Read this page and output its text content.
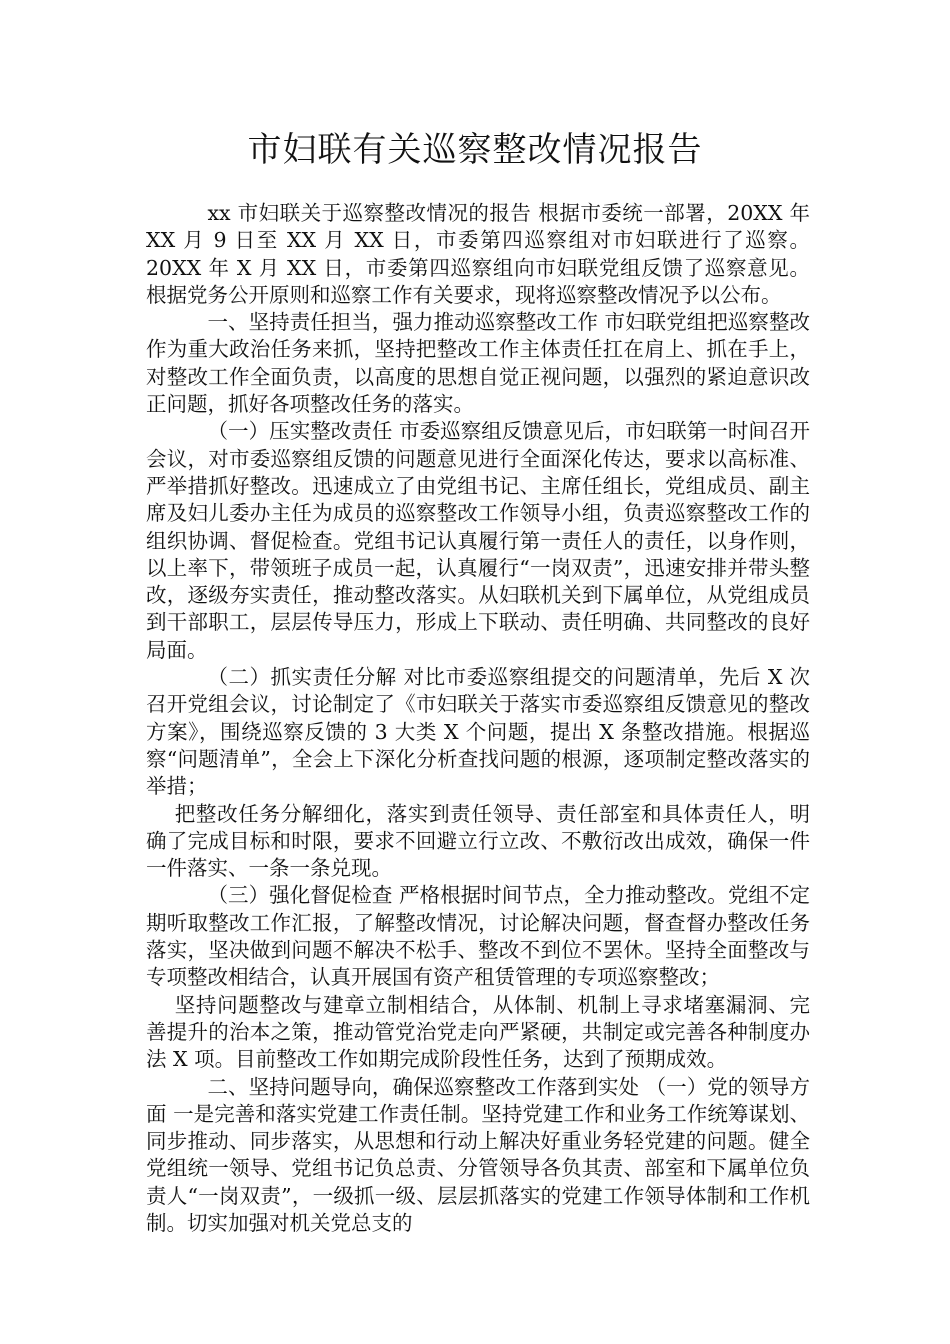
市妇联有关巡察整改情况报告

xx 市妇联关于巡察整改情况的报告 根据市委统一部署，20XX 年 XX 月 9 日至 XX 月 XX 日，市委第四巡察组对市妇联进行了巡察。20XX 年 X 月 XX 日，市委第四巡察组向市妇联党组反馈了巡察意见。根据党务公开原则和巡察工作有关要求，现将巡察整改情况予以公布。

一、坚持责任担当，强力推动巡察整改工作 市妇联党组把巡察整改作为重大政治任务来抓，坚持把整改工作主体责任扛在肩上、抓在手上，对整改工作全面负责，以高度的思想自觉正视问题，以强烈的紧迫意识改正问题，抓好各项整改任务的落实。

（一）压实整改责任 市委巡察组反馈意见后，市妇联第一时间召开会议，对市委巡察组反馈的问题意见进行全面深化传达，要求以高标准、严举措抓好整改。迅速成立了由党组书记、主席任组长，党组成员、副主席及妇儿委办主任为成员的巡察整改工作领导小组，负责巡察整改工作的组织协调、督促检查。党组书记认真履行第一责任人的责任，以身作则，以上率下，带领班子成员一起，认真履行“一岗双责”，迅速安排并带头整改，逐级夯实责任，推动整改落实。从妇联机关到下属单位，从党组成员到干部职工，层层传导压力，形成上下联动、责任明确、共同整改的良好局面。

（二）抓实责任分解 对比市委巡察组提交的问题清单，先后 X 次召开党组会议，讨论制定了《市妇联关于落实市委巡察组反馈意见的整改方案》，围绕巡察反馈的 3 大类 X 个问题，提出 X 条整改措施。根据巡察“问题清单”，全会上下深化分析查找问题的根源，逐项制定整改落实的举措；

把整改任务分解细化，落实到责任领导、责任部室和具体责任人，明确了完成目标和时限，要求不回避立行立改、不敷衍改出成效，确保一件一件落实、一条一条兑现。

（三）强化督促检查 严格根据时间节点，全力推动整改。党组不定期听取整改工作汇报，了解整改情况，讨论解决问题，督查督办整改任务落实，坚决做到问题不解决不松手、整改不到位不罢休。坚持全面整改与专项整改相结合，认真开展国有资产租赁管理的专项巡察整改；

坚持问题整改与建章立制相结合，从体制、机制上寻求堵塞漏洞、完善提升的治本之策，推动管党治党走向严紧硬，共制定或完善各种制度办法 X 项。目前整改工作如期完成阶段性任务，达到了预期成效。

二、坚持问题导向，确保巡察整改工作落到实处 （一）党的领导方面 一是完善和落实党建工作责任制。坚持党建工作和业务工作统筹谋划、同步推动、同步落实，从思想和行动上解决好重业务轻党建的问题。健全党组统一领导、党组书记负总责、分管领导各负其责、部室和下属单位负责人“一岗双责”，一级抓一级、层层抓落实的党建工作领导体制和工作机制。切实加强对机关党总支的
